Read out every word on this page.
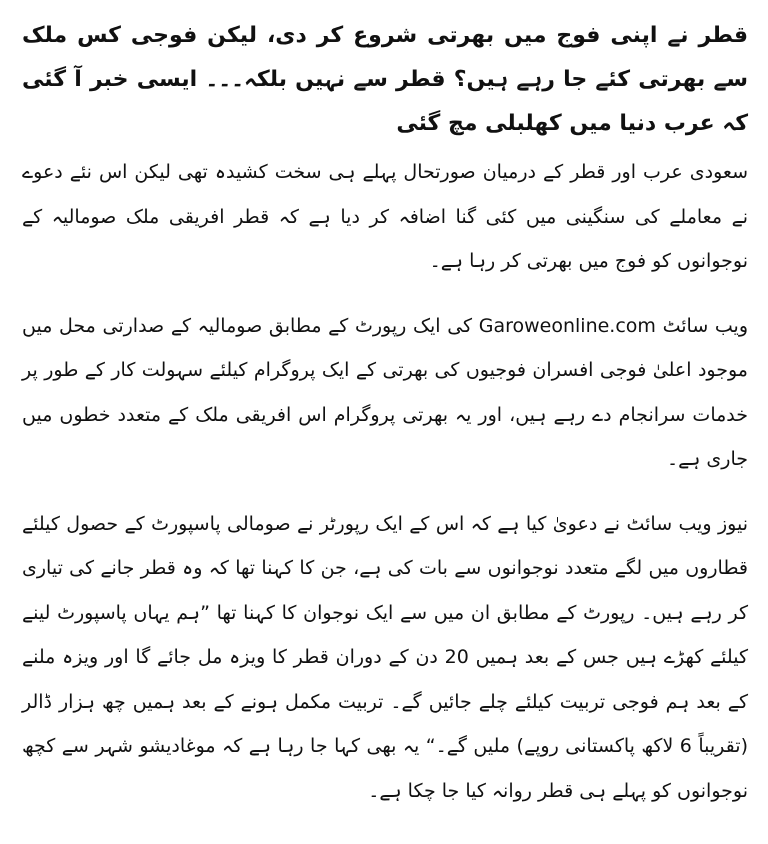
قطر نے اپنی فوج میں بھرتی شروع کر دی، لیکن فوجی کس ملک سے بھرتی کئے جا رہے ہیں؟ قطر سے نہیں بلکہ۔۔۔ ایسی خبر آ گئی کہ عرب دنیا میں کھلبلی مچ گئی

سعودی عرب اور قطر کے درمیان صورتحال پہلے ہی سخت کشیدہ تھی لیکن اس نئے دعوے نے معاملے کی سنگینی میں کئی گنا اضافہ کر دیا ہے کہ قطر افریقی ملک صومالیہ کے نوجوانوں کو فوج میں بھرتی کر رہا ہے۔

ویب سائٹ Garoweonline.com کی ایک رپورٹ کے مطابق صومالیہ کے صدارتی محل میں موجود اعلیٰ فوجی افسران فوجیوں کی بھرتی کے ایک پروگرام کیلئے سہولت کار کے طور پر خدمات سرانجام دے رہے ہیں، اور یہ بھرتی پروگرام اس افریقی ملک کے متعدد خطوں میں جاری ہے۔

نیوز ویب سائٹ نے دعویٰ کیا ہے کہ اس کے ایک رپورٹر نے صومالی پاسپورٹ کے حصول کیلئے قطاروں میں لگے متعدد نوجوانوں سے بات کی ہے، جن کا کہنا تھا کہ وہ قطر جانے کی تیاری کر رہے ہیں۔ رپورٹ کے مطابق ان میں سے ایک نوجوان کا کہنا تھا ”ہم یہاں پاسپورٹ لینے کیلئے کھڑے ہیں جس کے بعد ہمیں 20 دن کے دوران قطر کا ویزہ مل جائے گا اور ویزہ ملنے کے بعد ہم فوجی تربیت کیلئے چلے جائیں گے۔ تربیت مکمل ہونے کے بعد ہمیں چھ ہزار ڈالر (تقریباً 6 لاکھ پاکستانی روپے) ملیں گے۔“ یہ بھی کہا جا رہا ہے کہ موغادیشو شہر سے کچھ نوجوانوں کو پہلے ہی قطر روانہ کیا جا چکا ہے۔
